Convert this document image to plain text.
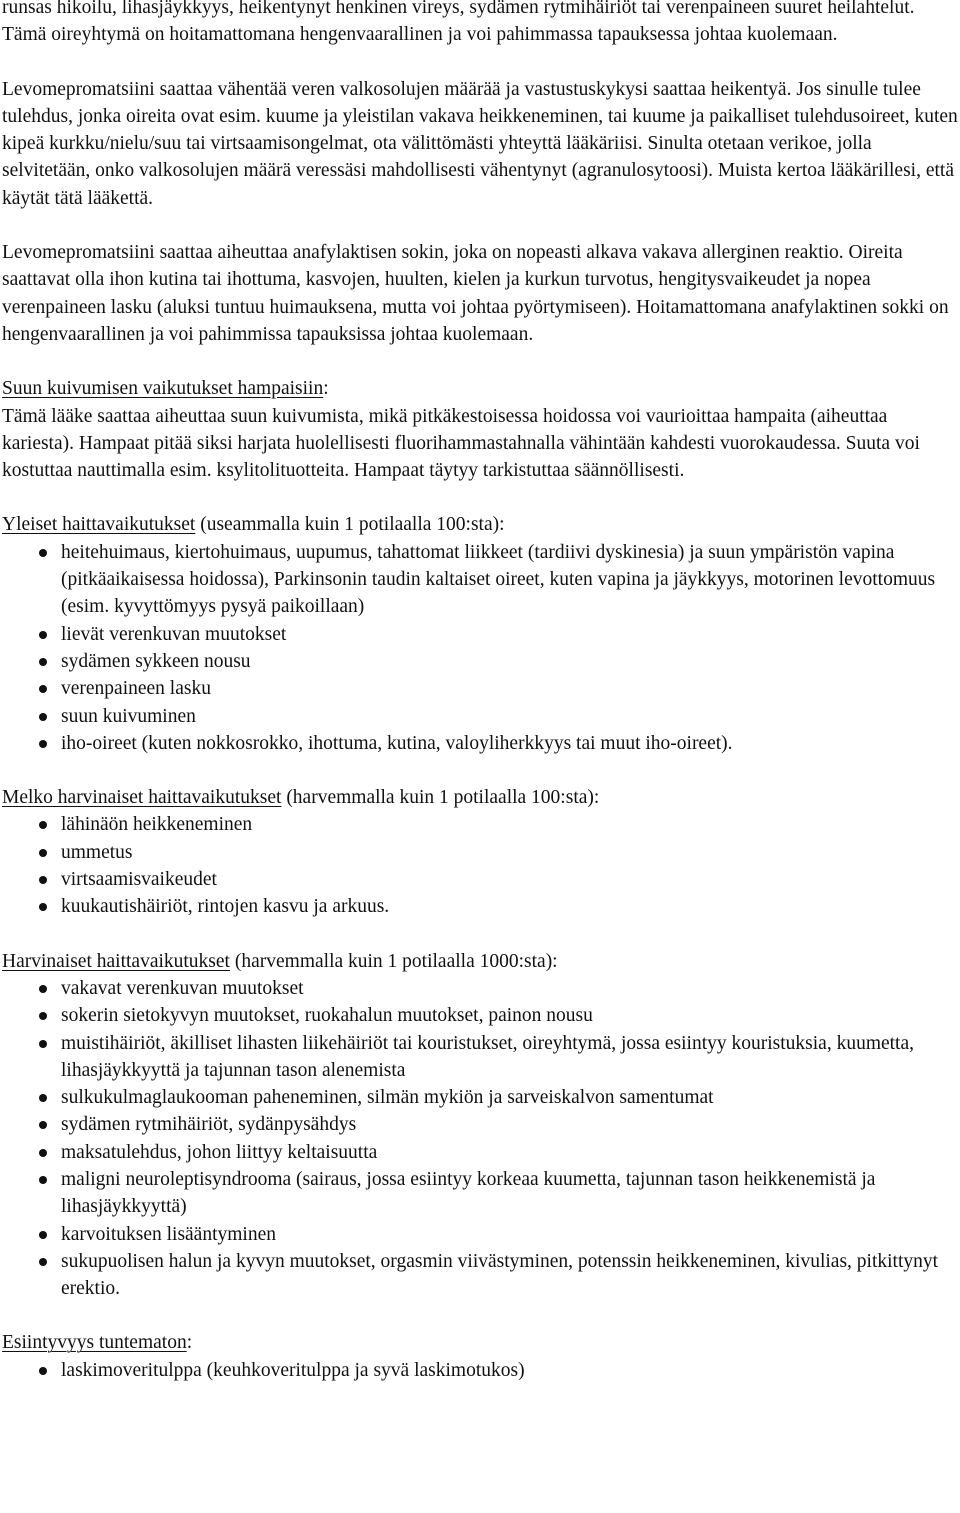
runsas hikoilu, lihasjäykkyys, heikentynyt henkinen vireys, sydämen rytmihäiriöt tai verenpaineen suuret heilahtelut. Tämä oireyhtymä on hoitamattomana hengenvaarallinen ja voi pahimmassa tapauksessa johtaa kuolemaan.

Levomepromatsiini saattaa vähentää veren valkosolujen määrää ja vastustuskykysi saattaa heikentyä. Jos sinulle tulee tulehdus, jonka oireita ovat esim. kuume ja yleistilan vakava heikkeneminen, tai kuume ja paikalliset tulehdusoireet, kuten kipeä kurkku/nielu/suu tai virtsaamisongelmat, ota välittömästi yhteyttä lääkäriisi. Sinulta otetaan verikoe, jolla selvitetään, onko valkosolujen määrä veressäsi mahdollisesti vähentynyt (agranulosytoosi). Muista kertoa lääkärillesi, että käytät tätä lääkettä.

Levomepromatsiini saattaa aiheuttaa anafylaktisen sokin, joka on nopeasti alkava vakava allerginen reaktio. Oireita saattavat olla ihon kutina tai ihottuma, kasvojen, huulten, kielen ja kurkun turvotus, hengitysvaikeudet ja nopea verenpaineen lasku (aluksi tuntuu huimauksena, mutta voi johtaa pyörtymiseen). Hoitamattomana anafylaktinen sokki on hengenvaarallinen ja voi pahimmissa tapauksissa johtaa kuolemaan.

Suun kuivumisen vaikutukset hampaisiin:

Tämä lääke saattaa aiheuttaa suun kuivumista, mikä pitkäkestoisessa hoidossa voi vaurioittaa hampaita (aiheuttaa kariesta). Hampaat pitää siksi harjata huolellisesti fluorihammastahnalla vähintään kahdesti vuorokaudessa. Suuta voi kostuttaa nauttimalla esim. ksylitolituotteita. Hampaat täytyy tarkistuttaa säännöllisesti.

Yleiset haittavaikutukset (useammalla kuin 1 potilaalla 100:sta):

heitehuimaus, kiertohuimaus, uupumus, tahattomat liikkeet (tardiivi dyskinesia) ja suun ympäristön vapina (pitkäaikaisessa hoidossa), Parkinsonin taudin kaltaiset oireet, kuten vapina ja jäykkyys, motorinen levottomuus (esim. kyvyttömyys pysyä paikoillaan)
lievät verenkuvan muutokset
sydämen sykkeen nousu
verenpaineen lasku
suun kuivuminen
iho-oireet (kuten nokkosrokko, ihottuma, kutina, valoyliherkkyys tai muut iho-oireet).

Melko harvinaiset haittavaikutukset (harvemmalla kuin 1 potilaalla 100:sta):

lähinäön heikkeneminen
ummetus
virtsaamisvaikeudet
kuukautishäiriöt, rintojen kasvu ja arkuus.

Harvinaiset haittavaikutukset (harvemmalla kuin 1 potilaalla 1000:sta):

vakavat verenkuvan muutokset
sokerin sietokyvyn muutokset, ruokahalun muutokset, painon nousu
muistihäiriöt, äkilliset lihasten liikehäiriöt tai kouristukset, oireyhtymä, jossa esiintyy kouristuksia, kuumetta, lihasjäykkyyttä ja tajunnan tason alenemista
sulkukulmaglaukooman paheneminen, silmän mykiön ja sarveiskalvon samentumat
sydämen rytmihäiriöt, sydänpysähdys
maksatulehdus, johon liittyy keltaisuutta
maligni neuroleptisyndrooma (sairaus, jossa esiintyy korkeaa kuumetta, tajunnan tason heikkenemistä ja lihasjäykkyyttä)
karvoituksen lisääntyminen
sukupuolisen halun ja kyvyn muutokset, orgasmin viivästyminen, potenssin heikkeneminen, kivulias, pitkittynyt erektio.

Esiintyvyys tuntematon:

laskimoveritulppa (keuhkoveritulppa ja syvä laskimotukos)
